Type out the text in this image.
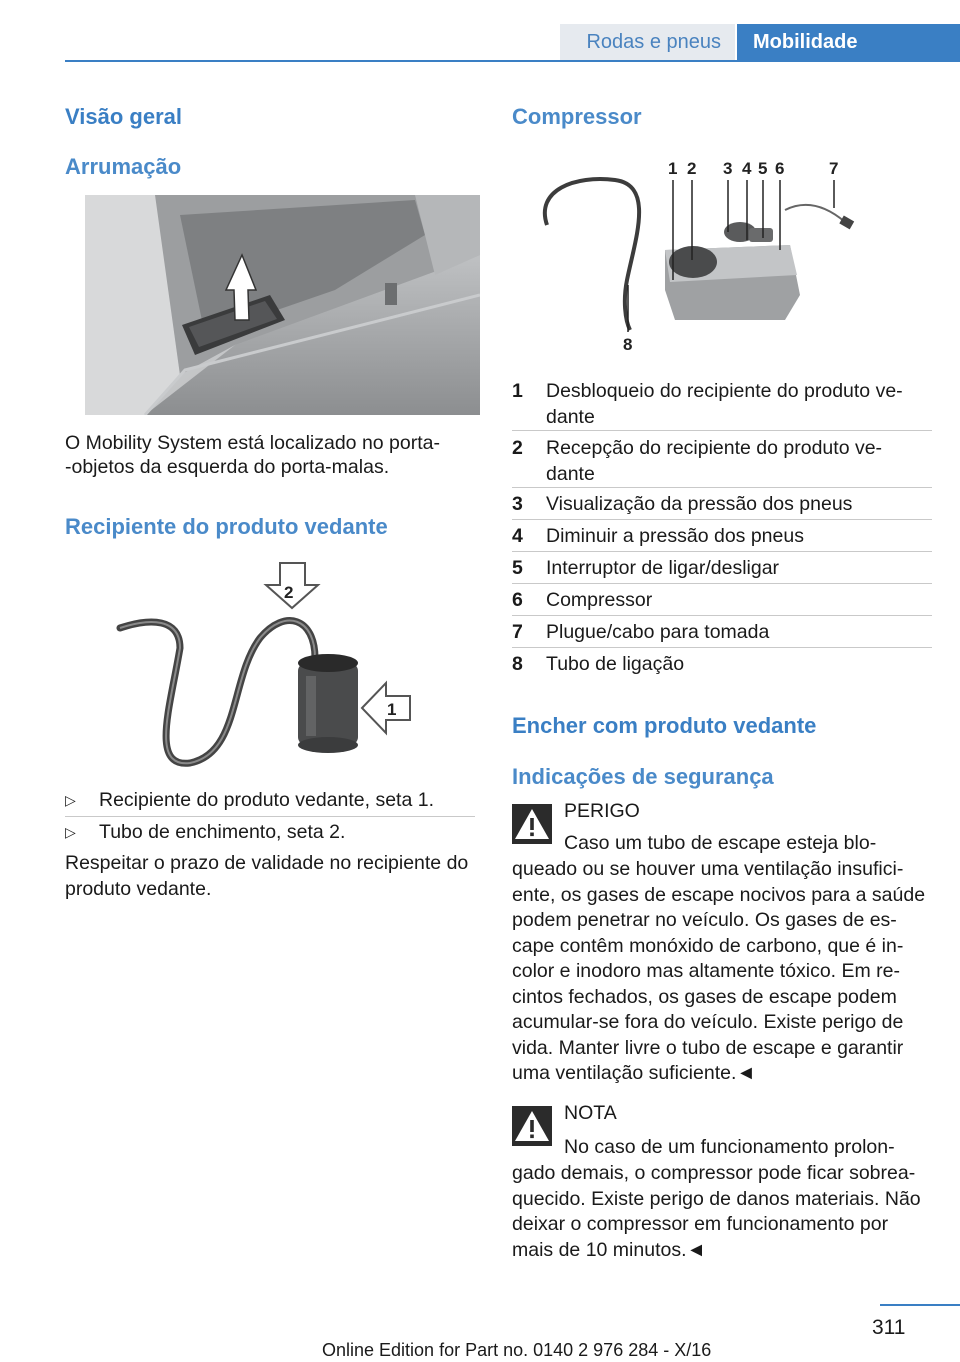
Rodas e pneus	Mobilidade
Visão geral
Arrumação
O Mobility System está localizado no porta-
-objetos da esquerda do porta-malas.
Recipiente do produto vedante
2
1
▷	Recipiente do produto vedante, seta 1.
▷	Tubo de enchimento, seta 2.
Respeitar o prazo de validade no recipiente do
produto vedante.
Compressor
1 2 3 4 5 6	7
8
1 Desbloqueio do recipiente do produto ve-
dante
2 Recepção do recipiente do produto ve-
dante
3 Visualização da pressão dos pneus
4 Diminuir a pressão dos pneus
5 Interruptor de ligar/desligar
6 Compressor
7 Plugue/cabo para tomada
8 Tubo de ligação
Encher com produto vedante
Indicações de segurança
PERIGO
Caso um tubo de escape esteja blo-
queado ou se houver uma ventilação insufici-
ente, os gases de escape nocivos para a saúde
podem penetrar no veículo. Os gases de es-
cape contêm monóxido de carbono, que é in-
color e inodoro mas altamente tóxico. Em re-
cintos fechados, os gases de escape podem
acumular-se fora do veículo. Existe perigo de
vida. Manter livre o tubo de escape e garantir
uma ventilação suficiente.◄
NOTA
No caso de um funcionamento prolon-
gado demais, o compressor pode ficar sobrea-
quecido. Existe perigo de danos materiais. Não
deixar o compressor em funcionamento por
mais de 10 minutos.◄
311
Online Edition for Part no. 0140 2 976 284 - X/16
